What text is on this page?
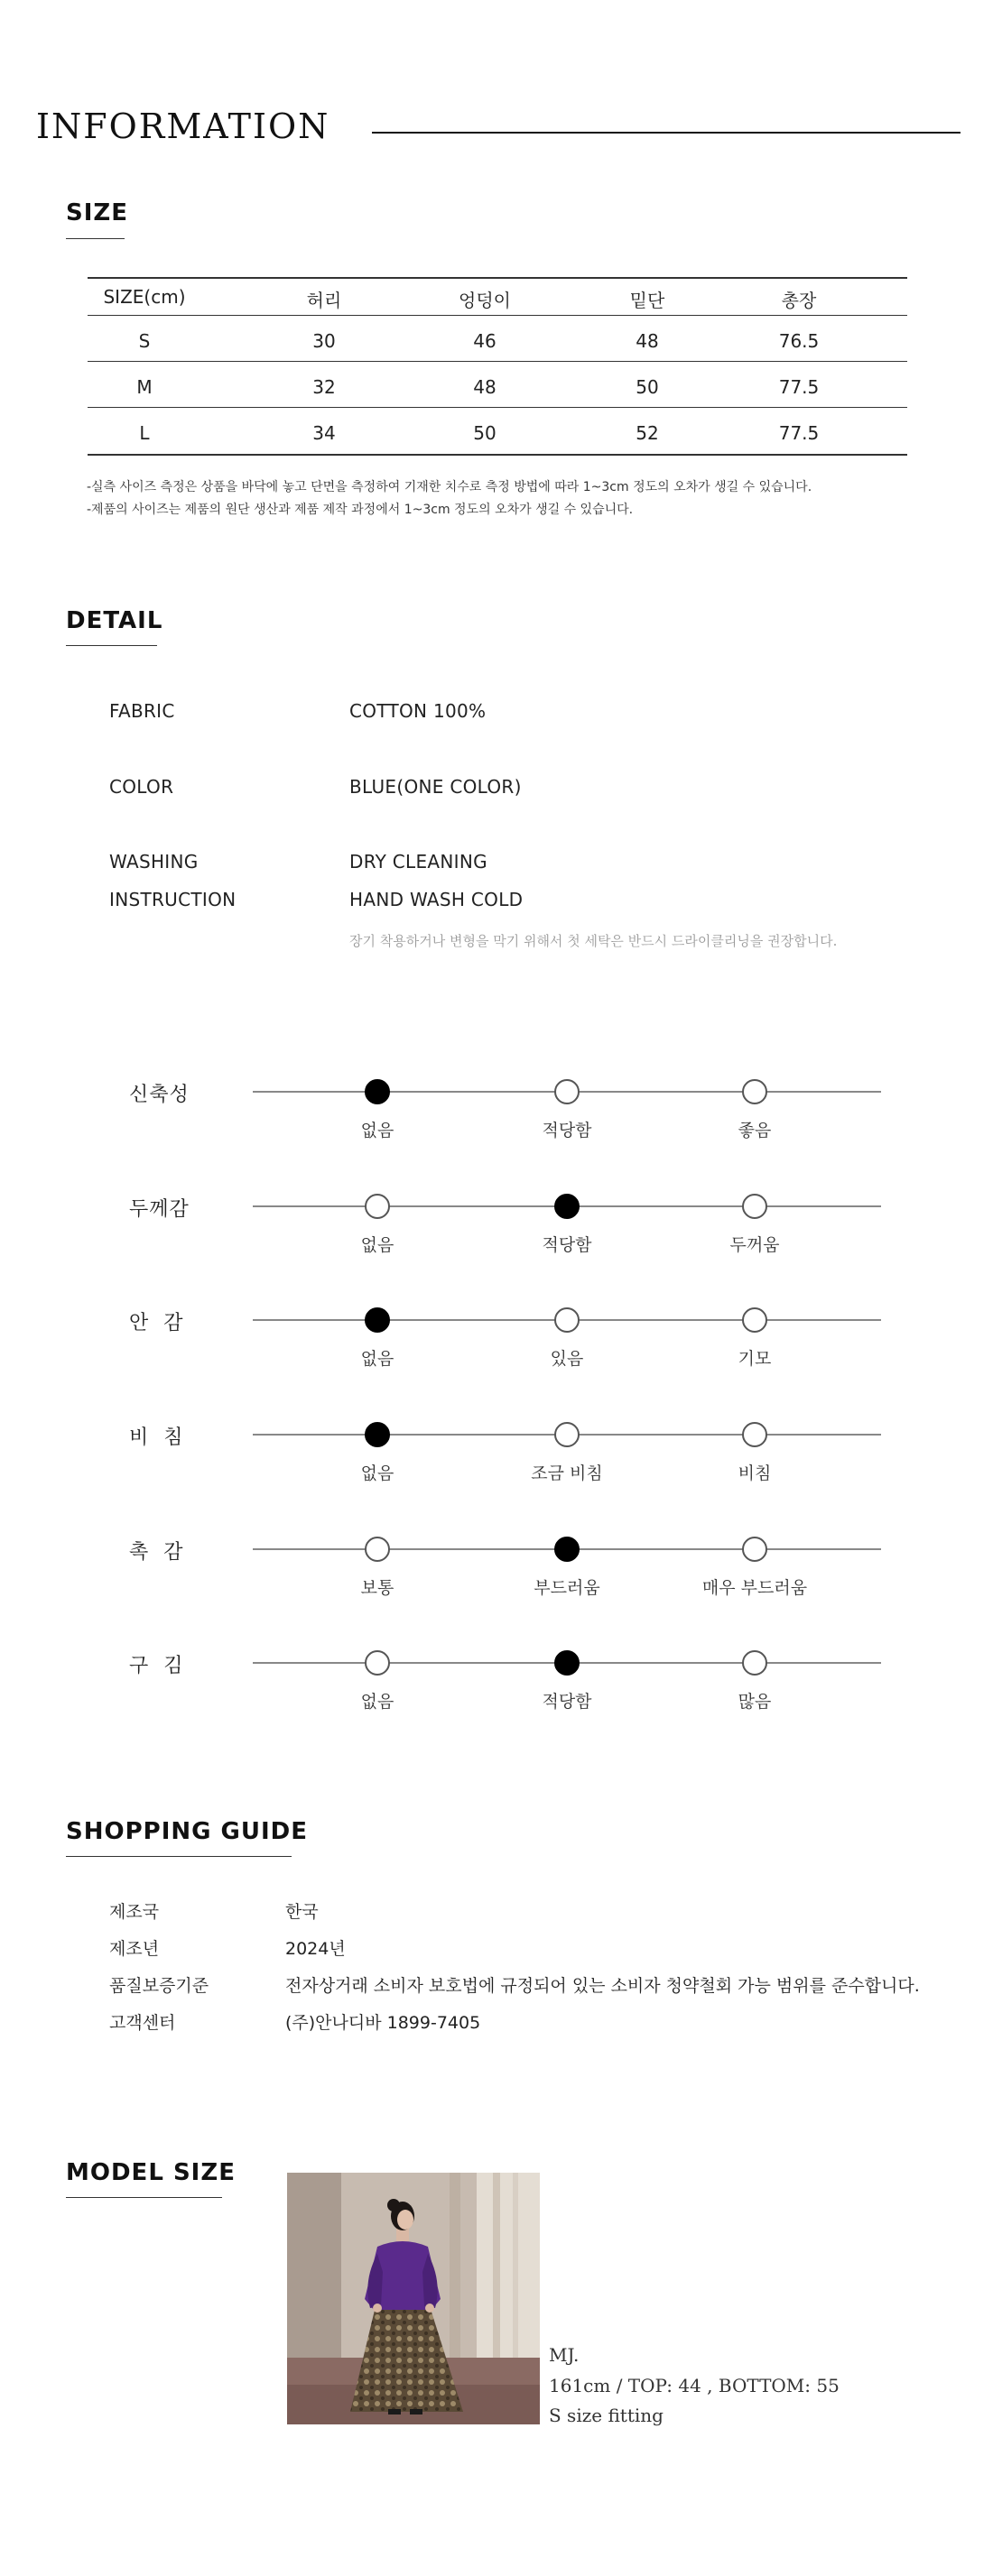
INFORMATION
SIZE
SIZE(cm)	허리	엉덩이	밑단	총장
S	30	46	48	76.5
M	32	48	50	77.5
L	34	50	52	77.5
-실측 사이즈 측정은 상품을 바닥에 놓고 단면을 측정하여 기재한 치수로 측정 방법에 따라 1~3cm 정도의 오차가 생길 수 있습니다.
-제품의 사이즈는 제품의 원단 생산과 제품 제작 과정에서 1~3cm 정도의 오차가 생길 수 있습니다.
DETAIL
FABRIC	COTTON 100%
COLOR	BLUE(ONE COLOR)
WASHING	DRY CLEANING
INSTRUCTION	HAND WASH COLD
장기 착용하거나 변형을 막기 위해서 첫 세탁은 반드시 드라이클리닝을 권장합니다.
신축성
없음	적당함	좋음
두께감
없음	적당함	두꺼움
안  감
없음	있음	기모
비  침
없음	조금 비침	비침
촉  감
보통	부드러움	매우 부드러움
구  김
없음	적당함	많음
SHOPPING GUIDE
제조국	한국
제조년	2024년
품질보증기준	전자상거래 소비자 보호법에 규정되어 있는 소비자 청약철회 가능 범위를 준수합니다.
고객센터	(주)안나디바 1899-7405
MODEL SIZE
MJ.
161cm / TOP: 44 , BOTTOM: 55
S size fitting
